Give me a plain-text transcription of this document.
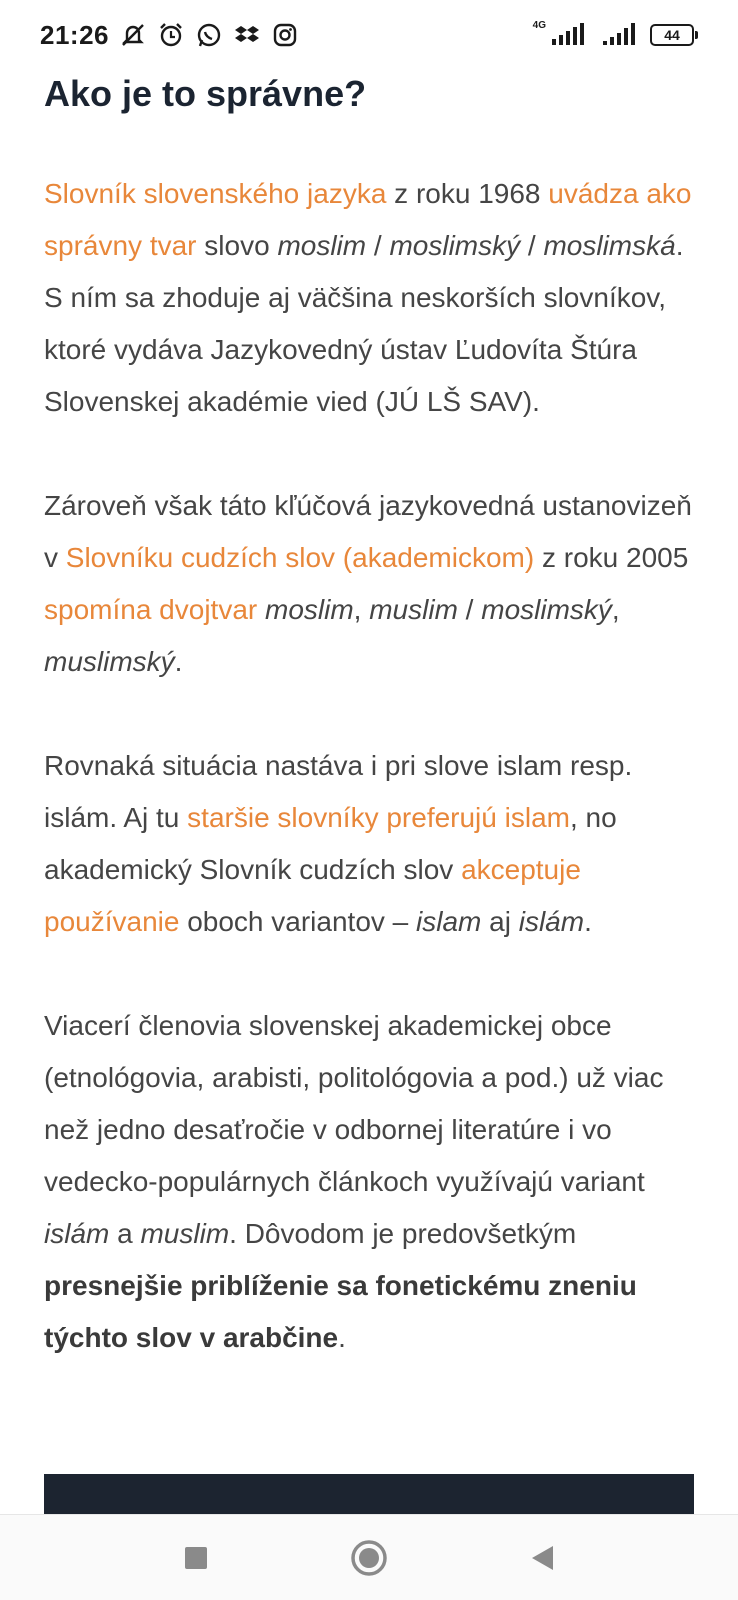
21:26	4G
44
Ako je to správne?

Slovník slovenského jazyka z roku 1968 uvádza ako správny tvar slovo moslim / moslimský / moslimská. S ním sa zhoduje aj väčšina neskorších slovníkov, ktoré vydáva Jazykovedný ústav Ľudovíta Štúra Slovenskej akadémie vied (JÚ LŠ SAV).

Zároveň však táto kľúčová jazykovedná ustanovizeň v Slovníku cudzích slov (akademickom) z roku 2005 spomína dvojtvar moslim, muslim / moslimský, muslimský.

Rovnaká situácia nastáva i pri slove islam resp. islám. Aj tu staršie slovníky preferujú islam, no akademický Slovník cudzích slov akceptuje používanie oboch variantov – islam aj islám.

Viacerí členovia slovenskej akademickej obce (etnológovia, arabisti, politológovia a pod.) už viac než jedno desaťročie v odbornej literatúre i vo vedecko-populárnych článkoch využívajú variant islám a muslim. Dôvodom je predovšetkým presnejšie priblíženie sa fonetickému zneniu týchto slov v arabčine.
